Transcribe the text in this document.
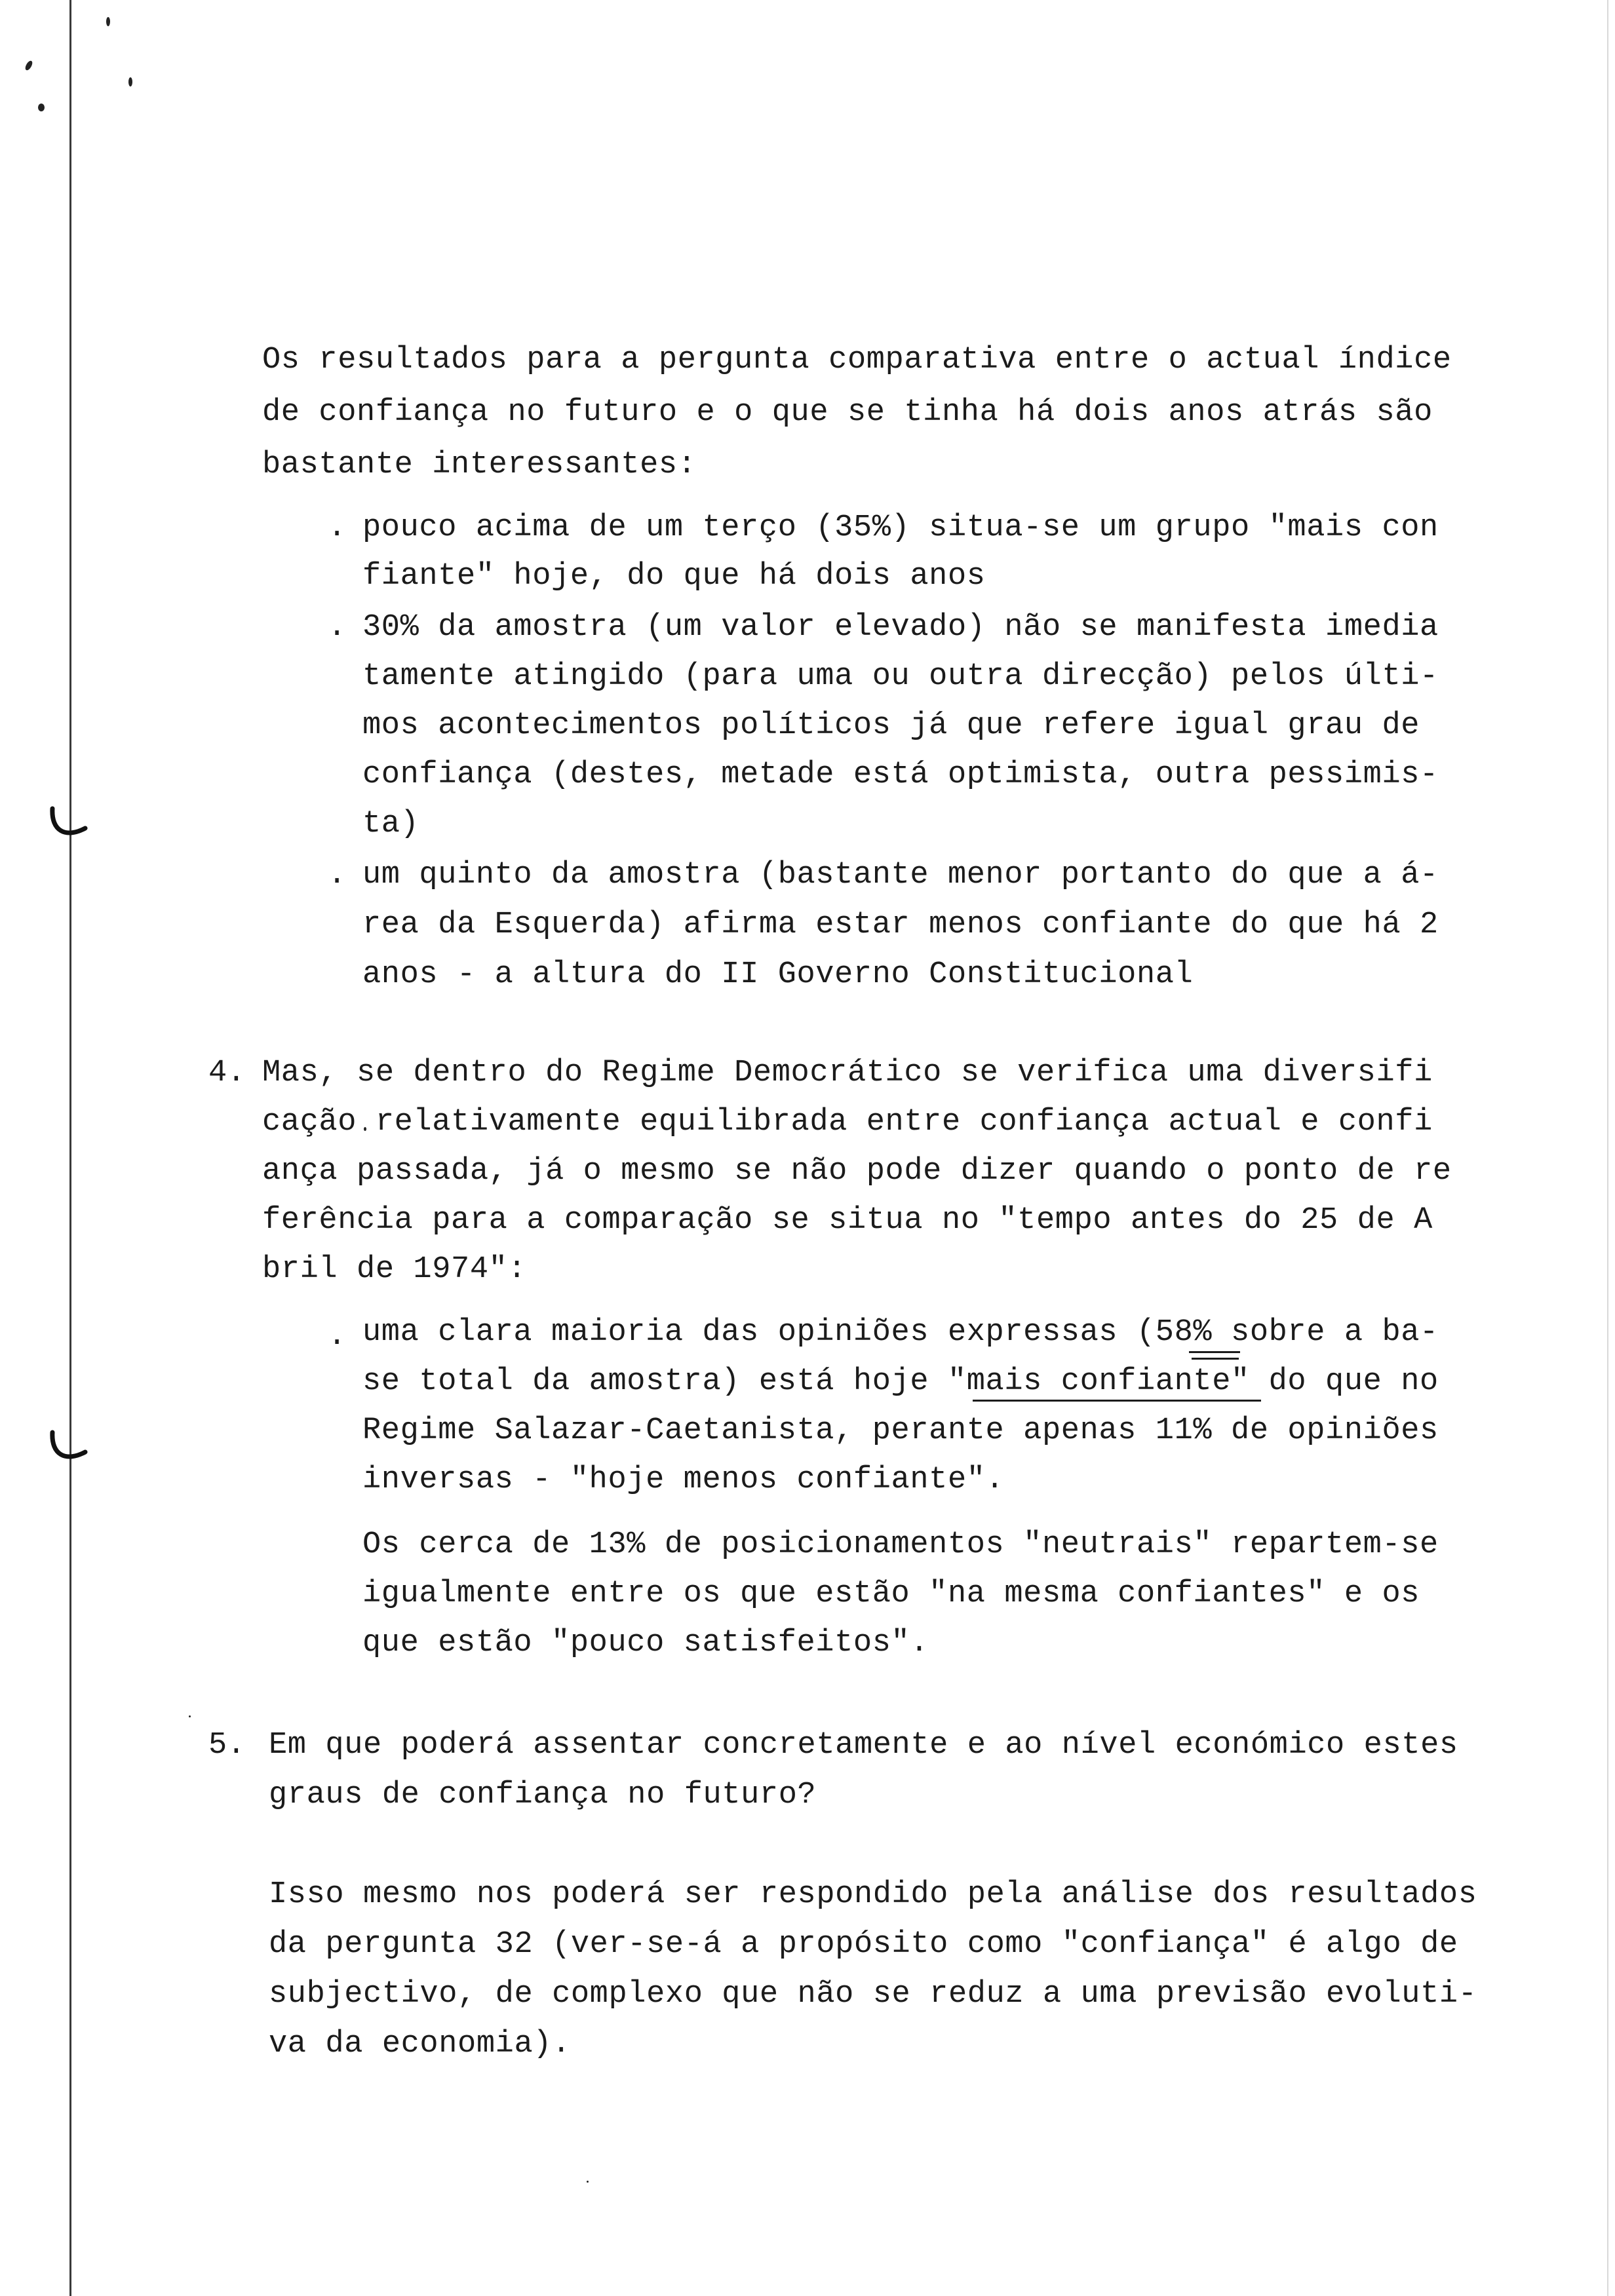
Os resultados para a pergunta comparativa entre o actual índice
de confiança no futuro e o que se tinha há dois anos atrás são
bastante interessantes:
. pouco acima de um terço (35%) situa-se um grupo "mais con
fiante" hoje, do que há dois anos
. 30% da amostra (um valor elevado) não se manifesta imedia
tamente atingido (para uma ou outra direcção) pelos últi-
mos acontecimentos políticos já que refere igual grau de
confiança (destes, metade está optimista, outra pessimis-
ta)
. um quinto da amostra (bastante menor portanto do que a á-
rea da Esquerda) afirma estar menos confiante do que há 2
anos - a altura do II Governo Constitucional
4. Mas, se dentro do Regime Democrático se verifica uma diversifi
cação relativamente equilibrada entre confiança actual e confi
ança passada, já o mesmo se não pode dizer quando o ponto de re
ferência para a comparação se situa no "tempo antes do 25 de A
bril de 1974":
. uma clara maioria das opiniões expressas (58% sobre a ba-
se total da amostra) está hoje "mais confiante" do que no
Regime Salazar-Caetanista, perante apenas 11% de opiniões
inversas - "hoje menos confiante".
Os cerca de 13% de posicionamentos "neutrais" repartem-se
igualmente entre os que estão "na mesma confiantes" e os
que estão "pouco satisfeitos".
5. Em que poderá assentar concretamente e ao nível económico estes
graus de confiança no futuro?
Isso mesmo nos poderá ser respondido pela análise dos resultados
da pergunta 32 (ver-se-á a propósito como "confiança" é algo de
subjectivo, de complexo que não se reduz a uma previsão evoluti-
va da economia).
